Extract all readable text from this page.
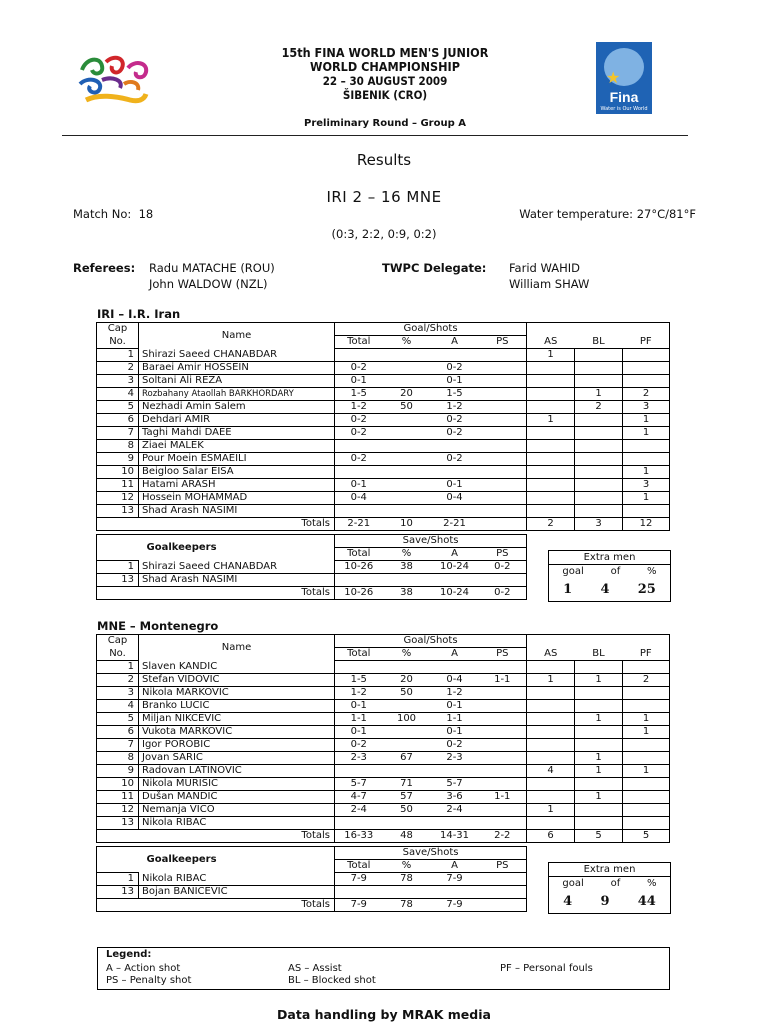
15th FINA WORLD MEN'S JUNIOR
WORLD CHAMPIONSHIP
22 – 30 AUGUST 2009
ŠIBENIK (CRO)
★
Fina
Water is Our World
Preliminary Round – Group A
Results
IRI 2 – 16 MNE
Match No: 18	Water temperature: 27°C/81°F
(0:3, 2:2, 0:9, 0:2)
Referees: Radu MATACHE (ROU)
John WALDOW (NZL)
TWPC Delegate: Farid WAHID
William SHAW
IRI – I.R. Iran
Cap	Name	Goal/Shots						
No.		Total	%	A	PS	AS	BL	PF
1	Shirazi Saeed CHANABDAR					1		
2	Baraei Amir HOSSEIN	0-2		0-2				
3	Soltani Ali REZA	0-1		0-1				
4	Rozbahany Ataollah BARKHORDARY	1-5	20	1-5			1	2
5	Nezhadi Amin Salem	1-2	50	1-2			2	3
6	Dehdari AMIR	0-2		0-2		1		1
7	Taghi Mahdi DAEE	0-2		0-2				1
8	Ziaei MALEK							
9	Pour Moein ESMAEILI	0-2		0-2				
10	Beigloo Salar EISA							1
11	Hatami ARASH	0-1		0-1				3
12	Hossein MOHAMMAD	0-4		0-4				1
13	Shad Arash NASIMI							
	Totals	2-21	10	2-21		2	3	12
	Goalkeepers	Save/Shots			
		Total	%	A	PS
1	Shirazi Saeed CHANABDAR	10-26	38	10-24	0-2
13	Shad Arash NASIMI				
	Totals	10-26	38	10-24	0-2
Extra men
goal	of	%
1 4 25
MNE – Montenegro
Cap	Name	Goal/Shots						
No.		Total	%	A	PS	AS	BL	PF
1	Slaven KANDIĆ							
2	Stefan VIDOVIĆ	1-5	20	0-4	1-1	1	1	2
3	Nikola MARKOVIĆ	1-2	50	1-2				
4	Branko LUČIĆ	0-1		0-1				
5	Miljan NIKČEVIĆ	1-1	100	1-1			1	1
6	Vukota MARKOVIĆ	0-1		0-1				1
7	Igor POROBIĆ	0-2		0-2				
8	Jovan SARIĆ	2-3	67	2-3			1	
9	Radovan LATINOVIĆ					4	1	1
10	Nikola MURIŠIĆ	5-7	71	5-7				
11	Dušan MANDIĆ	4-7	57	3-6	1-1		1	
12	Nemanja VICO	2-4	50	2-4		1		
13	Nikola RIBAĆ							
	Totals	16-33	48	14-31	2-2	6	5	5
	Goalkeepers	Save/Shots			
		Total	%	A	PS
1	Nikola RIBAĆ	7-9	78	7-9	
13	Bojan BANIĆEVIĆ				
	Totals	7-9	78	7-9	
Extra men
goal	of	%
4 9 44
Legend:
A – Action shot
PS – Penalty shot
AS – Assist
BL – Blocked shot
PF – Personal fouls
Data handling by MRAK media
